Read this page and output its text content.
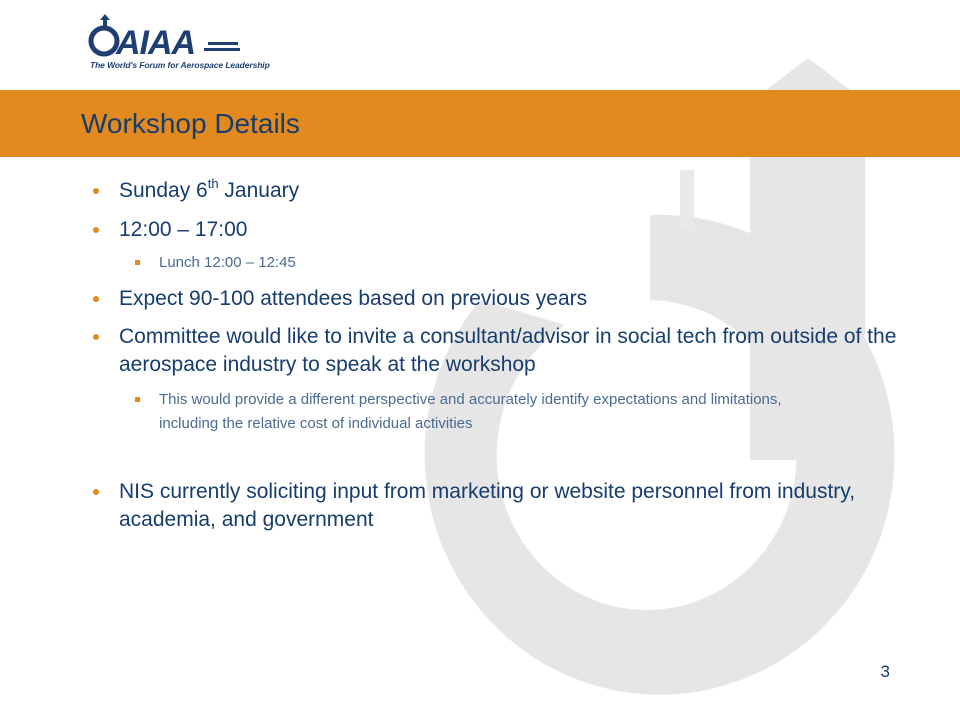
AIAA
The World's Forum for Aerospace Leadership
Workshop Details
Sunday 6th January
12:00 – 17:00
Lunch 12:00 – 12:45
Expect 90-100 attendees based on previous years
Committee would like to invite a consultant/advisor in social tech from outside of the aerospace industry to speak at the workshop
This would provide a different perspective and accurately identify expectations and limitations, including the relative cost of individual activities
NIS currently soliciting input from marketing or website personnel from industry, academia, and government
3
